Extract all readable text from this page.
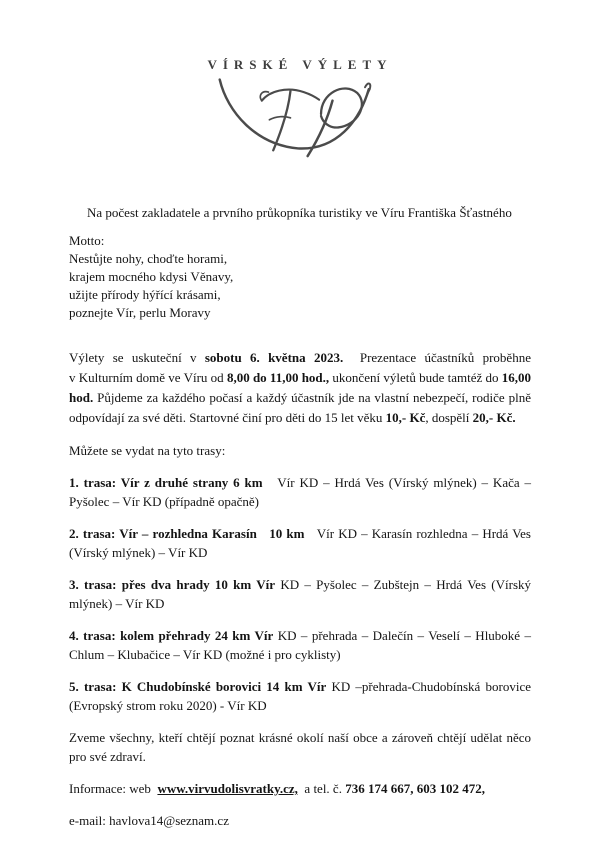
VÍRSKÉ VÝLETY
Na počest zakladatele a prvního průkopníka turistiky ve Víru Františka Šťastného
Motto:
Nestůjte nohy, choďte horami,
krajem mocného kdysi Věnavy,
užijte přírody hýřící krásami,
poznejte Vír, perlu Moravy

Výlety se uskuteční v sobotu 6. května 2023.  Prezentace účastníků proběhne v Kulturním domě ve Víru od 8,00 do 11,00 hod., ukončení výletů bude tamtéž do 16,00 hod. Půjdeme za každého počasí a každý účastník jde na vlastní nebezpečí, rodiče plně odpovídají za své děti. Startovné činí pro děti do 15 let věku 10,- Kč, dospělí 20,- Kč.

Můžete se vydat na tyto trasy:

1. trasa: Vír z druhé strany 6 km   Vír KD – Hrdá Ves (Vírský mlýnek) – Kača – Pyšolec – Vír KD (případně opačně)

2. trasa: Vír – rozhledna Karasín   10 km   Vír KD – Karasín rozhledna – Hrdá Ves (Vírský mlýnek) – Vír KD

3. trasa: přes dva hrady 10 km Vír KD – Pyšolec – Zubštejn – Hrdá Ves (Vírský mlýnek) – Vír KD

4. trasa: kolem přehrady 24 km Vír KD – přehrada – Dalečín – Veselí – Hluboké – Chlum – Klubačice – Vír KD (možné i pro cyklisty)

5. trasa: K Chudobínské borovici 14 km Vír KD –přehrada-Chudobínská borovice (Evropský strom roku 2020) - Vír KD

Zveme všechny, kteří chtějí poznat krásné okolí naší obce a zároveň chtějí udělat něco pro své zdraví.

Informace: web  www.virvudolisvratky.cz,  a tel. č. 736 174 667, 603 102 472,

e-mail: havlova14@seznam.cz
